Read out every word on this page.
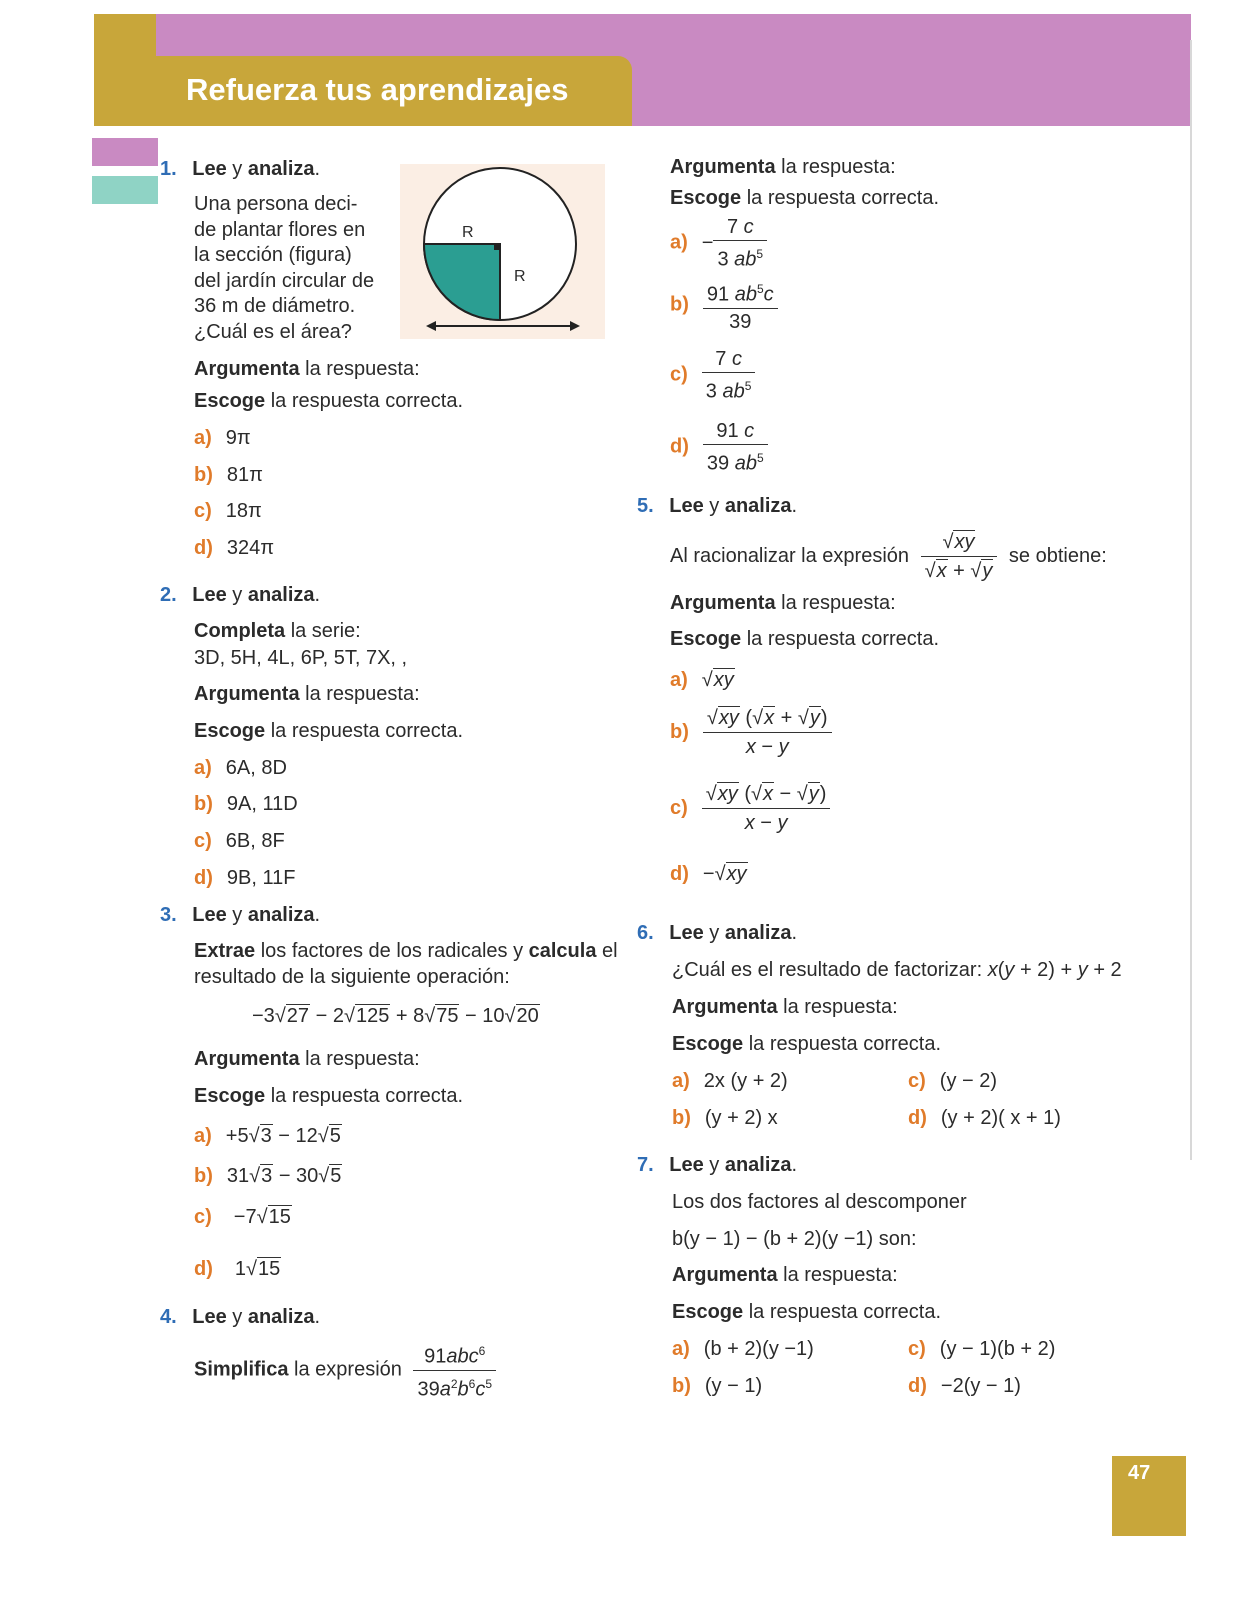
Refuerza tus aprendizajes
1. Lee y analiza.
Una persona deci-
de plantar flores en
la sección (figura)
del jardín circular de
36 m de diámetro.
¿Cuál es el área?
R
R
Argumenta la respuesta:
Escoge la respuesta correcta.
a) 9π
b) 81π
c) 18π
d) 324π
2. Lee y analiza.
Completa la serie:
3D, 5H, 4L, 6P, 5T, 7X, ,
Argumenta la respuesta:
Escoge la respuesta correcta.
a) 6A, 8D
b) 9A, 11D
c) 6B, 8F
d) 9B, 11F
3. Lee y analiza.
Extrae los factores de los radicales y calcula el
resultado de la siguiente operación:
−3√27 − 2√125 + 8√75 − 10√20
Argumenta la respuesta:
Escoge la respuesta correcta.
a) +5√3 − 12√5
b) 31√3 − 30√5
c) −7√15
d) 1√15
4. Lee y analiza.
Simplifica la expresión $\frac{91abc^6}{39a^2b^6c^5}$
Argumenta la respuesta:
Escoge la respuesta correcta.
$a) - \frac{7 c}{3 ab^5}$
$b) \frac{91 ab^5c}{39}$
$c) \frac{7 c}{3 ab^5}$
$d) \frac{91 c}{39 ab^5}$
5. Lee y analiza.
Al racionalizar la expresión $\frac{√xy}{√x + √y}$ se obtiene:
Argumenta la respuesta:
Escoge la respuesta correcta.
a) √xy
$b) \frac{√xy (√x + √y)}{x - y}$
$c) \frac{√xy (√x - √y)}{x - y}$
d) −√xy
6. Lee y analiza.
¿Cuál es el resultado de factorizar: x(y + 2) + y + 2
Argumenta la respuesta:
Escoge la respuesta correcta.
a) 2x (y + 2)
b) (y + 2) x
c) (y − 2)
d) (y + 2)( x + 1)
7. Lee y analiza.
Los dos factores al descomponer
b(y − 1) − (b + 2)(y −1) son:
Argumenta la respuesta:
Escoge la respuesta correcta.
a) (b + 2)(y −1)
b) (y − 1)
c) (y − 1)(b + 2)
d) −2(y − 1)
47
